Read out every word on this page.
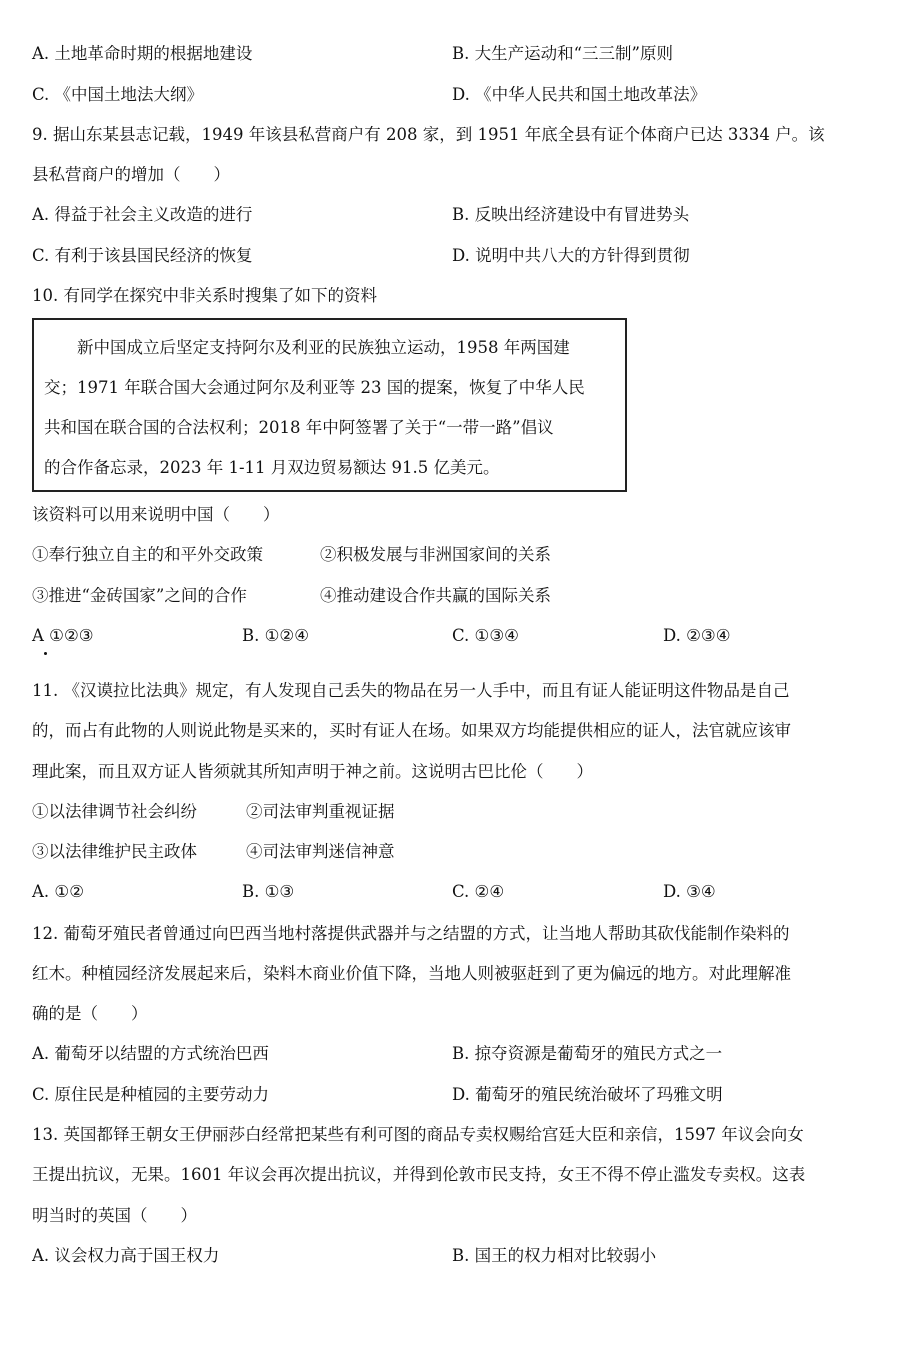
A. 土地革命时期的根据地建设	B. 大生产运动和“三三制”原则
C. 《中国土地法大纲》	D. 《中华人民共和国土地改革法》
9. 据山东某县志记载，1949 年该县私营商户有 208 家，到 1951 年底全县有证个体商户已达 3334 户。该
县私营商户的增加（　　）
A. 得益于社会主义改造的进行	B. 反映出经济建设中有冒进势头
C. 有利于该县国民经济的恢复	D. 说明中共八大的方针得到贯彻
10. 有同学在探究中非关系时搜集了如下的资料
　　新中国成立后坚定支持阿尔及利亚的民族独立运动，1958 年两国建
交；1971 年联合国大会通过阿尔及利亚等 23 国的提案，恢复了中华人民
共和国在联合国的合法权利；2018 年中阿签署了关于“一带一路”倡议
的合作备忘录，2023 年 1-11 月双边贸易额达 91.5 亿美元。
该资料可以用来说明中国（　　）
①奉行独立自主的和平外交政策	②积极发展与非洲国家间的关系
③推进“金砖国家”之间的合作	④推动建设合作共赢的国际关系
A ①②③	B. ①②④	C. ①③④	D. ②③④
11. 《汉谟拉比法典》规定，有人发现自己丢失的物品在另一人手中，而且有证人能证明这件物品是自己
的，而占有此物的人则说此物是买来的，买时有证人在场。如果双方均能提供相应的证人，法官就应该审
理此案，而且双方证人皆须就其所知声明于神之前。这说明古巴比伦（　　）
①以法律调节社会纠纷	②司法审判重视证据
③以法律维护民主政体	④司法审判迷信神意
A. ①②	B. ①③	C. ②④	D. ③④
12. 葡萄牙殖民者曾通过向巴西当地村落提供武器并与之结盟的方式，让当地人帮助其砍伐能制作染料的
红木。种植园经济发展起来后，染料木商业价值下降，当地人则被驱赶到了更为偏远的地方。对此理解准
确的是（　　）
A. 葡萄牙以结盟的方式统治巴西	B. 掠夺资源是葡萄牙的殖民方式之一
C. 原住民是种植园的主要劳动力	D. 葡萄牙的殖民统治破坏了玛雅文明
13. 英国都铎王朝女王伊丽莎白经常把某些有利可图的商品专卖权赐给宫廷大臣和亲信，1597 年议会向女
王提出抗议，无果。1601 年议会再次提出抗议，并得到伦敦市民支持，女王不得不停止滥发专卖权。这表
明当时的英国（　　）
A. 议会权力高于国王权力	B. 国王的权力相对比较弱小
